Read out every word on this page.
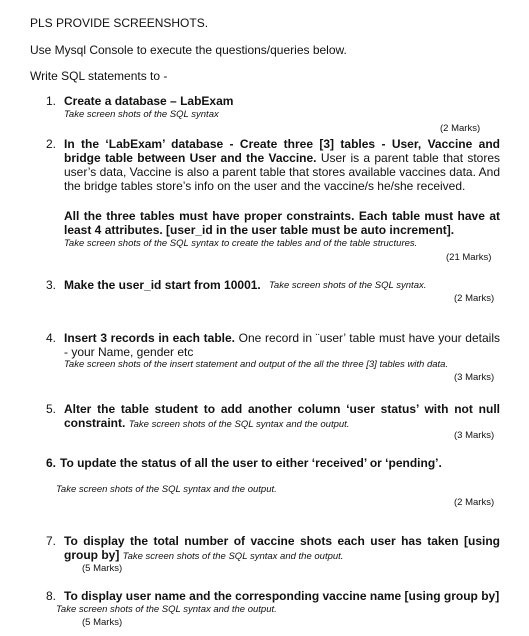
PLS PROVIDE SCREENSHOTS.
Use Mysql Console to execute the questions/queries below.
Write SQL statements to -
1. Create a database – LabExam
Take screen shots of the SQL syntax
(2 Marks)
2. In the ‘LabExam’ database - Create three [3] tables - User, Vaccine and bridge table between User and the Vaccine. User is a parent table that stores user’s data, Vaccine is also a parent table that stores available vaccines data. And the bridge tables store’s info on the user and the vaccine/s he/she received.
All the three tables must have proper constraints. Each table must have at least 4 attributes. [user_id in the user table must be auto increment].
Take screen shots of the SQL syntax to create the tables and of the table structures.
(21 Marks)
3. Make the user_id start from 10001. Take screen shots of the SQL syntax.
(2 Marks)
4. Insert 3 records in each table. One record in ¨user’ table must have your details - your Name, gender etc
Take screen shots of the insert statement and output of the all the three [3] tables with data.
(3 Marks)
5. Alter the table student to add another column ‘user status’ with not null constraint. Take screen shots of the SQL syntax and the output.
(3 Marks)
6. To update the status of all the user to either ‘received’ or ‘pending’.
Take screen shots of the SQL syntax and the output.
(2 Marks)
7. To display the total number of vaccine shots each user has taken [using group by] Take screen shots of the SQL syntax and the output.
(5 Marks)
8. To display user name and the corresponding vaccine name [using group by]
Take screen shots of the SQL syntax and the output.
(5 Marks)
